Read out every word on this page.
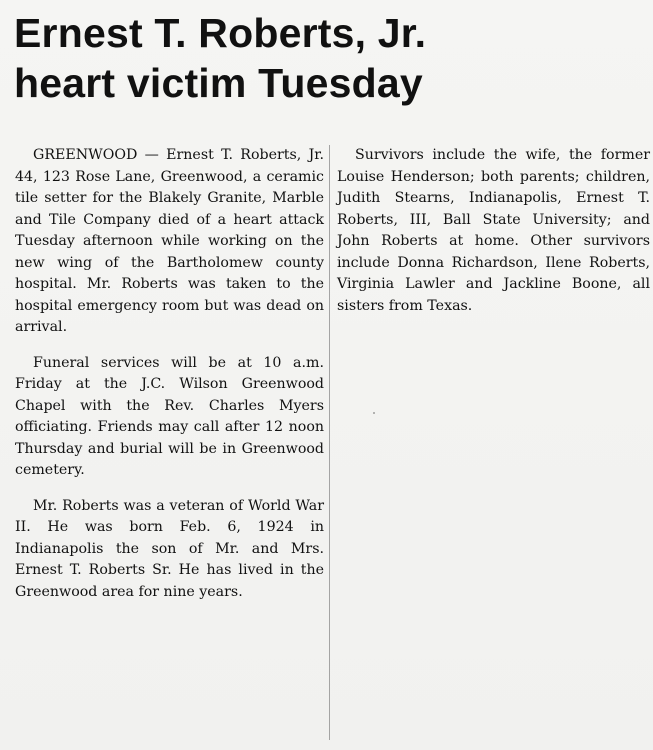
Ernest T. Roberts, Jr.
heart victim Tuesday

GREENWOOD — Ernest T. Roberts, Jr. 44, 123 Rose Lane, Greenwood, a ceramic tile setter for the Blakely Granite, Marble and Tile Company died of a heart attack Tuesday afternoon while working on the new wing of the Bartholomew county hospital. Mr. Roberts was taken to the hospital emergency room but was dead on arrival.

Funeral services will be at 10 a.m. Friday at the J.C. Wilson Greenwood Chapel with the Rev. Charles Myers officiating. Friends may call after 12 noon Thursday and burial will be in Greenwood cemetery.

Mr. Roberts was a veteran of World War II. He was born Feb. 6, 1924 in Indianapolis the son of Mr. and Mrs. Ernest T. Roberts Sr. He has lived in the Greenwood area for nine years.

Survivors include the wife, the former Louise Henderson; both parents; children, Judith Stearns, Indianapolis, Ernest T. Roberts, III, Ball State University; and John Roberts at home. Other survivors include Donna Richardson, Ilene Roberts, Virginia Lawler and Jackline Boone, all sisters from Texas.
